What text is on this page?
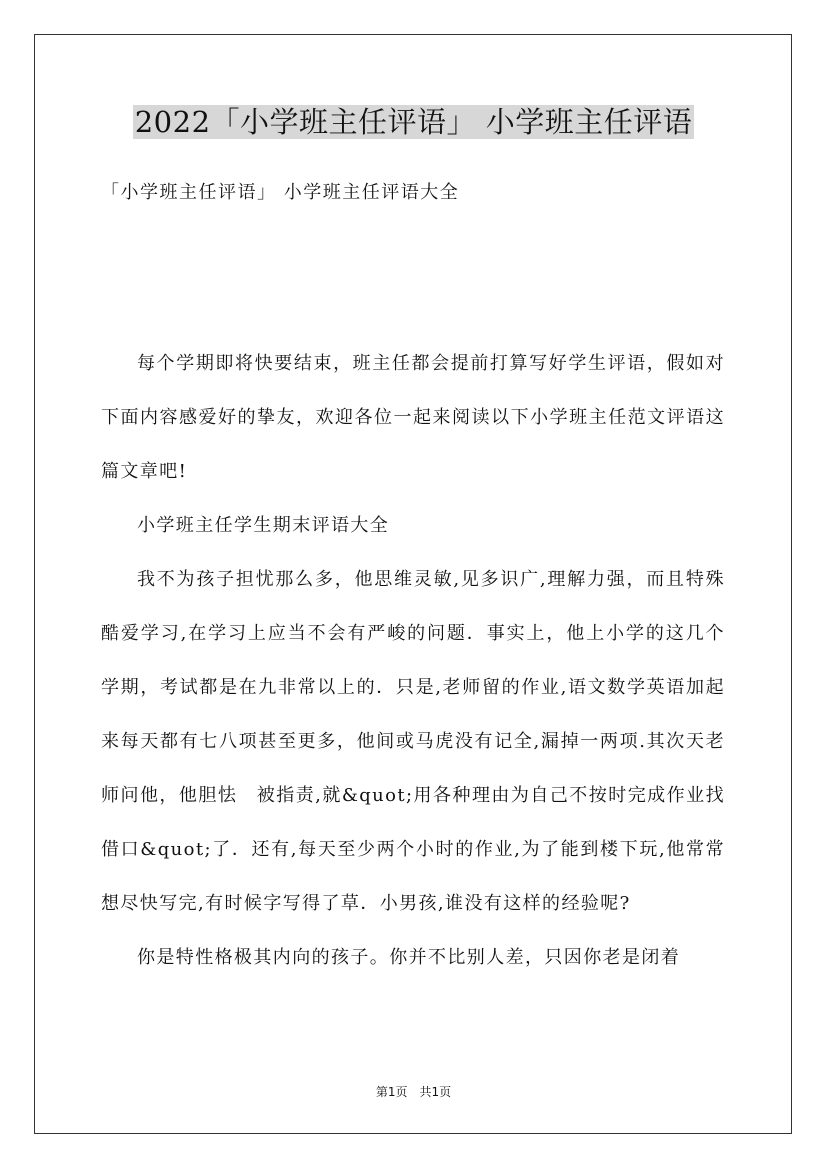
2022「小学班主任评语」 小学班主任评语
「小学班主任评语」 小学班主任评语大全

每个学期即将快要结束，班主任都会提前打算写好学生评语，假如对下面内容感爱好的挚友，欢迎各位一起来阅读以下小学班主任范文评语这篇文章吧!

小学班主任学生期末评语大全

我不为孩子担忧那么多，他思维灵敏,见多识广,理解力强，而且特殊酷爱学习,在学习上应当不会有严峻的问题．事实上，他上小学的这几个学期，考试都是在九非常以上的．只是,老师留的作业,语文数学英语加起来每天都有七八项甚至更多，他间或马虎没有记全,漏掉一两项.其次天老师问他，他胆怯　被指责,就&quot;用各种理由为自己不按时完成作业找借口&quot;了．还有,每天至少两个小时的作业,为了能到楼下玩,他常常想尽快写完,有时候字写得了草．小男孩,谁没有这样的经验呢?

你是特性格极其内向的孩子。你并不比别人差，只因你老是闭着

第1页　共1页
